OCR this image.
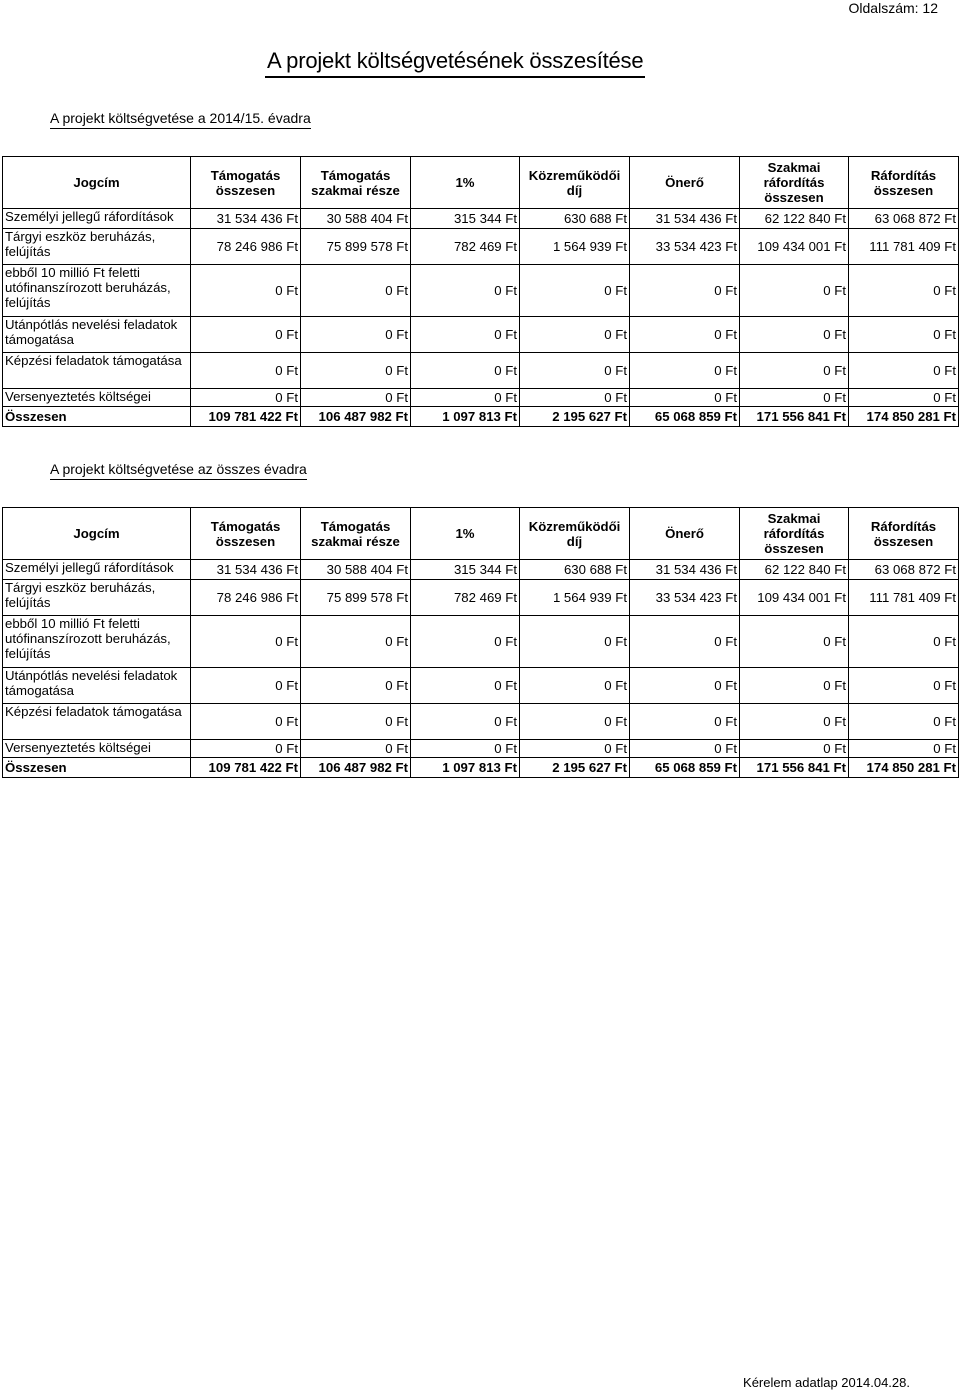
Oldalszám: 12
A projekt költségvetésének összesítése
A projekt költségvetése a 2014/15. évadra
Jogcím	Támogatás összesen	Támogatás szakmai része	1%	Közreműködői díj	Önerő	Szakmai ráfordítás összesen	Ráfordítás összesen
Személyi jellegű ráfordítások	31 534 436 Ft	30 588 404 Ft	315 344 Ft	630 688 Ft	31 534 436 Ft	62 122 840 Ft	63 068 872 Ft
Tárgyi eszköz beruházás, felújítás	78 246 986 Ft	75 899 578 Ft	782 469 Ft	1 564 939 Ft	33 534 423 Ft	109 434 001 Ft	111 781 409 Ft
ebből 10 millió Ft feletti utófinanszírozott beruházás, felújítás	0 Ft	0 Ft	0 Ft	0 Ft	0 Ft	0 Ft	0 Ft
Utánpótlás nevelési feladatok támogatása	0 Ft	0 Ft	0 Ft	0 Ft	0 Ft	0 Ft	0 Ft
Képzési feladatok támogatása	0 Ft	0 Ft	0 Ft	0 Ft	0 Ft	0 Ft	0 Ft
Versenyeztetés költségei	0 Ft	0 Ft	0 Ft	0 Ft	0 Ft	0 Ft	0 Ft
Összesen	109 781 422 Ft	106 487 982 Ft	1 097 813 Ft	2 195 627 Ft	65 068 859 Ft	171 556 841 Ft	174 850 281 Ft
A projekt költségvetése az összes évadra
Jogcím	Támogatás összesen	Támogatás szakmai része	1%	Közreműködői díj	Önerő	Szakmai ráfordítás összesen	Ráfordítás összesen
Személyi jellegű ráfordítások	31 534 436 Ft	30 588 404 Ft	315 344 Ft	630 688 Ft	31 534 436 Ft	62 122 840 Ft	63 068 872 Ft
Tárgyi eszköz beruházás, felújítás	78 246 986 Ft	75 899 578 Ft	782 469 Ft	1 564 939 Ft	33 534 423 Ft	109 434 001 Ft	111 781 409 Ft
ebből 10 millió Ft feletti utófinanszírozott beruházás, felújítás	0 Ft	0 Ft	0 Ft	0 Ft	0 Ft	0 Ft	0 Ft
Utánpótlás nevelési feladatok támogatása	0 Ft	0 Ft	0 Ft	0 Ft	0 Ft	0 Ft	0 Ft
Képzési feladatok támogatása	0 Ft	0 Ft	0 Ft	0 Ft	0 Ft	0 Ft	0 Ft
Versenyeztetés költségei	0 Ft	0 Ft	0 Ft	0 Ft	0 Ft	0 Ft	0 Ft
Összesen	109 781 422 Ft	106 487 982 Ft	1 097 813 Ft	2 195 627 Ft	65 068 859 Ft	171 556 841 Ft	174 850 281 Ft
Kérelem adatlap 2014.04.28.
